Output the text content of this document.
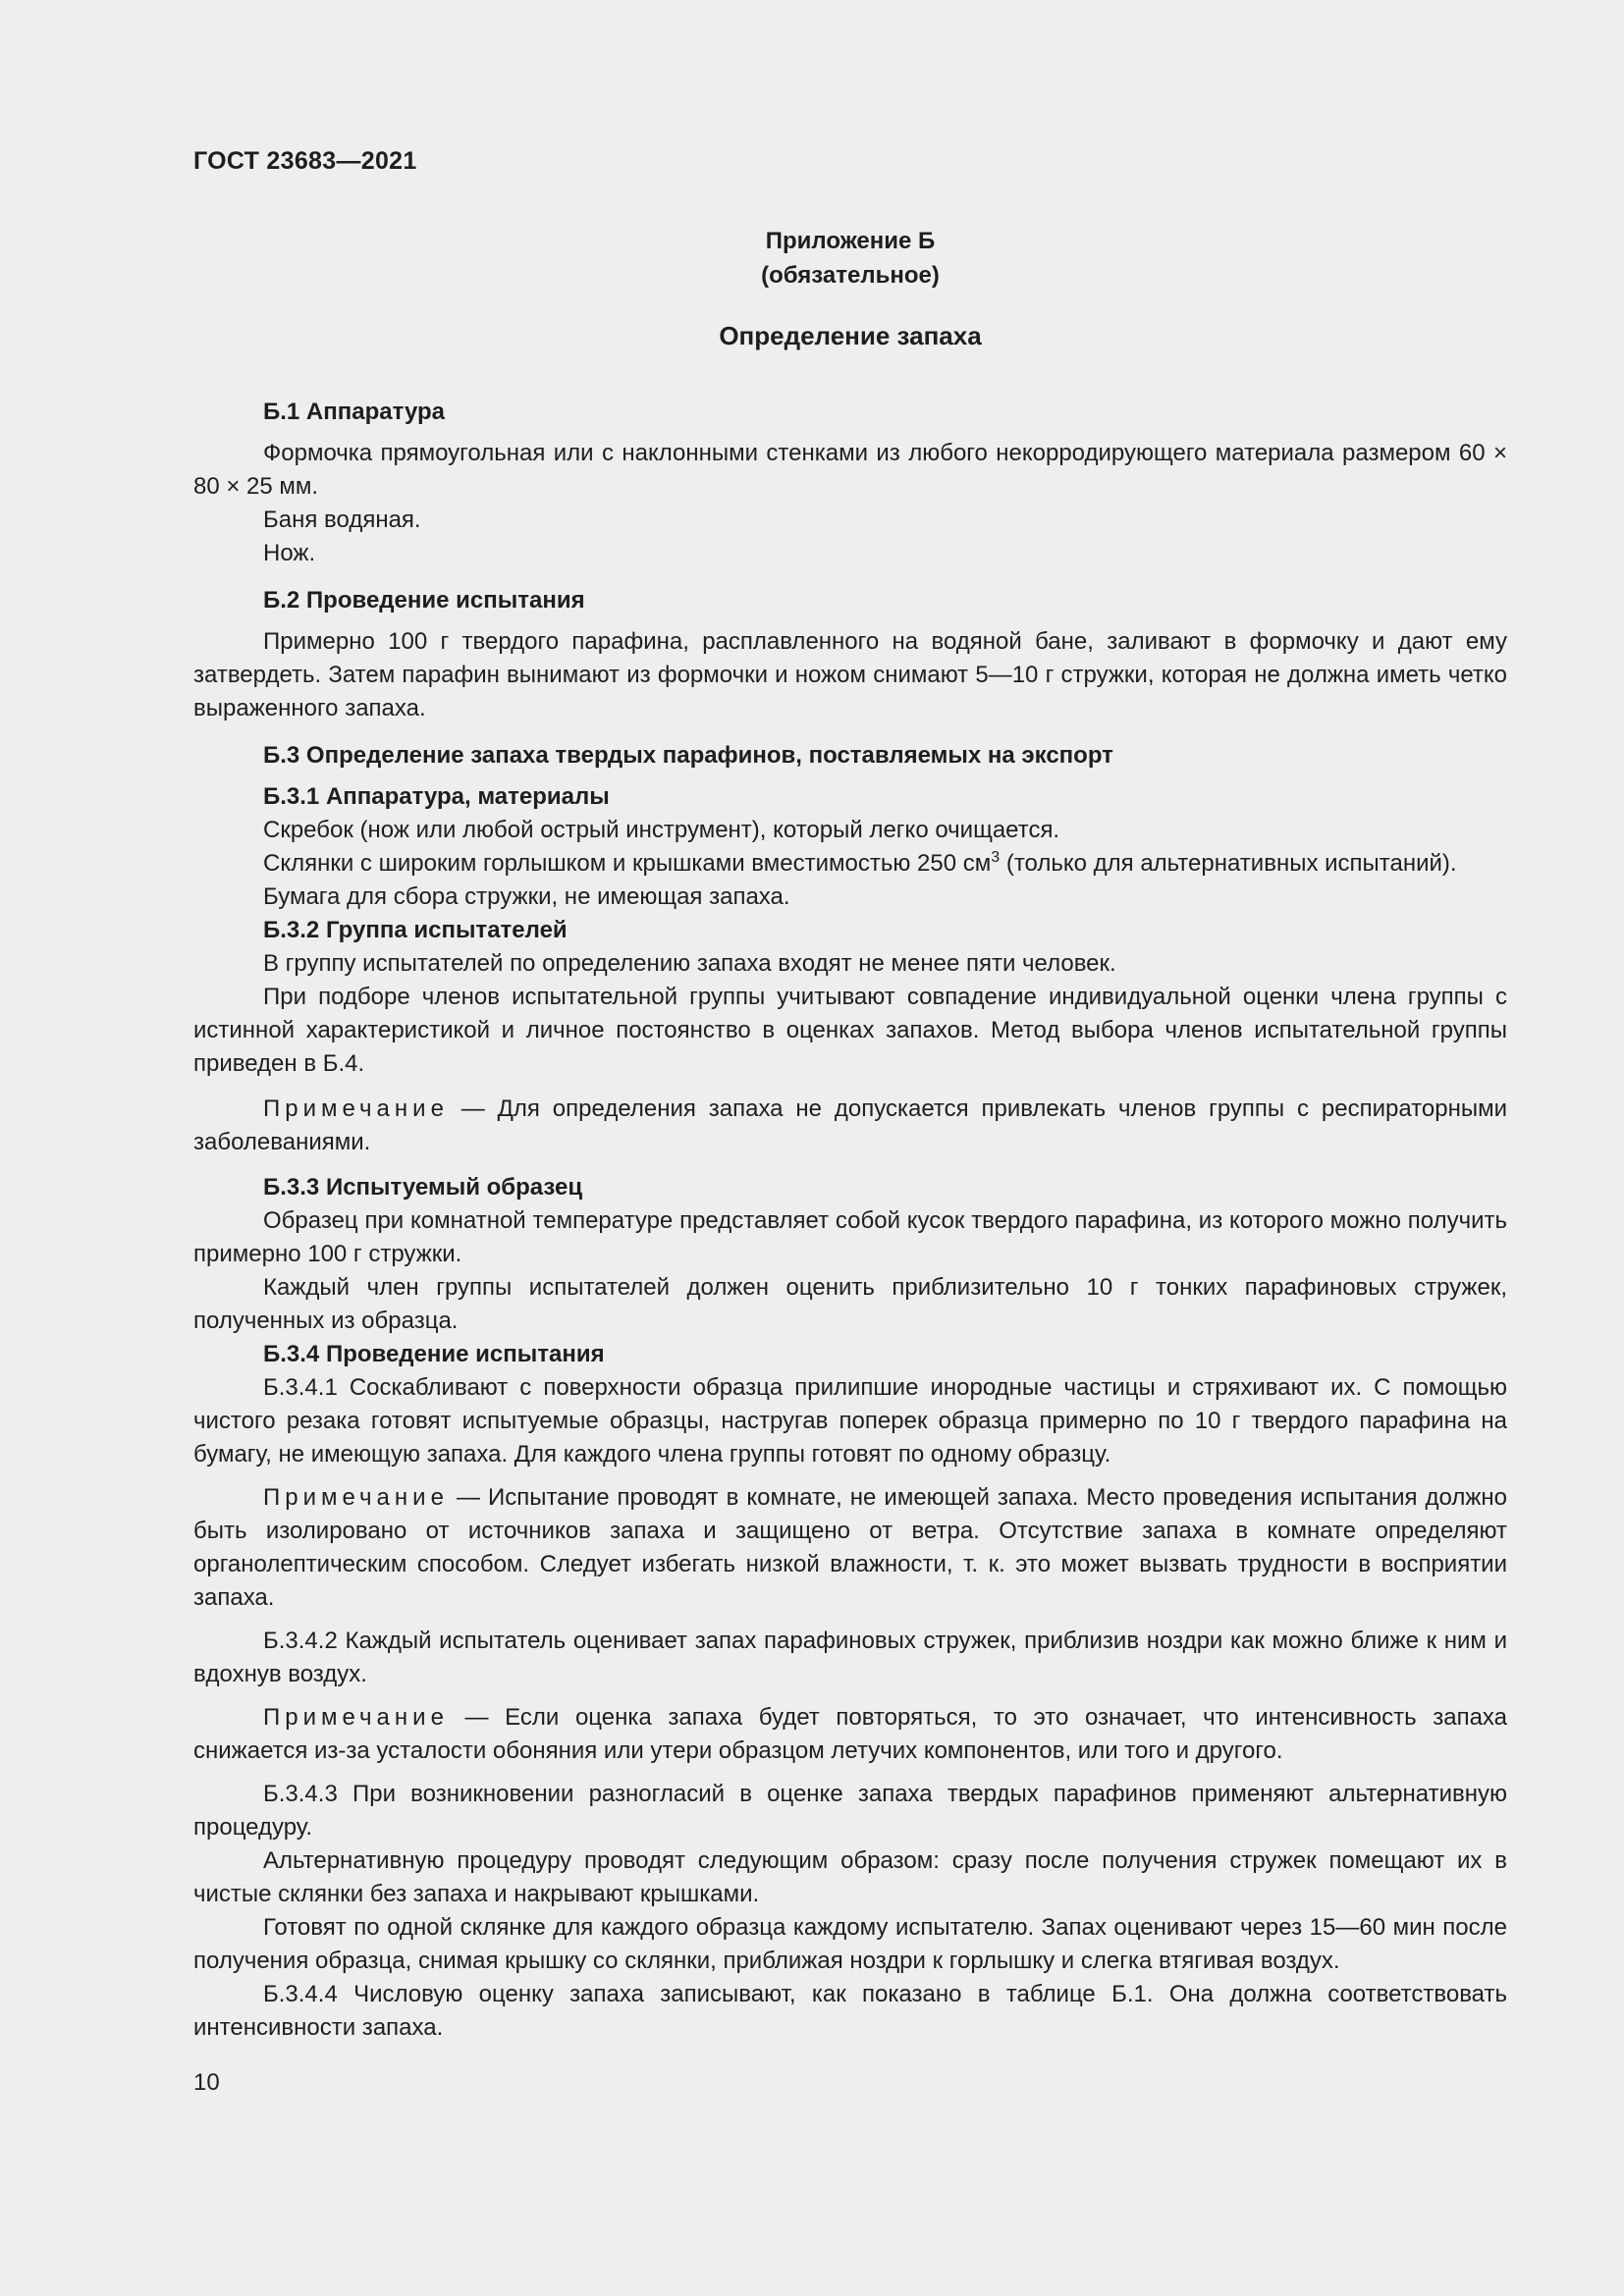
ГОСТ 23683—2021
Приложение Б
(обязательное)
Определение запаха
Б.1 Аппаратура
Формочка прямоугольная или с наклонными стенками из любого некорродирующего материала размером 60 × 80 × 25 мм.
Баня водяная.
Нож.
Б.2 Проведение испытания
Примерно 100 г твердого парафина, расплавленного на водяной бане, заливают в формочку и дают ему затвердеть. Затем парафин вынимают из формочки и ножом снимают 5—10 г стружки, которая не должна иметь четко выраженного запаха.
Б.3 Определение запаха твердых парафинов, поставляемых на экспорт
Б.3.1 Аппаратура, материалы
Скребок (нож или любой острый инструмент), который легко очищается.
Склянки с широким горлышком и крышками вместимостью 250 $см^3$ (только для альтернативных испытаний).
Бумага для сбора стружки, не имеющая запаха.
Б.3.2 Группа испытателей
В группу испытателей по определению запаха входят не менее пяти человек.
При подборе членов испытательной группы учитывают совпадение индивидуальной оценки члена группы с истинной характеристикой и личное постоянство в оценках запахов. Метод выбора членов испытательной группы приведен в Б.4.
Примечание — Для определения запаха не допускается привлекать членов группы с респираторными заболеваниями.
Б.3.3 Испытуемый образец
Образец при комнатной температуре представляет собой кусок твердого парафина, из которого можно получить примерно 100 г стружки.
Каждый член группы испытателей должен оценить приблизительно 10 г тонких парафиновых стружек, полученных из образца.
Б.3.4 Проведение испытания
Б.3.4.1 Соскабливают с поверхности образца прилипшие инородные частицы и стряхивают их. С помощью чистого резака готовят испытуемые образцы, настругав поперек образца примерно по 10 г твердого парафина на бумагу, не имеющую запаха. Для каждого члена группы готовят по одному образцу.
Примечание — Испытание проводят в комнате, не имеющей запаха. Место проведения испытания должно быть изолировано от источников запаха и защищено от ветра. Отсутствие запаха в комнате определяют органолептическим способом. Следует избегать низкой влажности, т. к. это может вызвать трудности в восприятии запаха.
Б.3.4.2 Каждый испытатель оценивает запах парафиновых стружек, приблизив ноздри как можно ближе к ним и вдохнув воздух.
Примечание — Если оценка запаха будет повторяться, то это означает, что интенсивность запаха снижается из-за усталости обоняния или утери образцом летучих компонентов, или того и другого.
Б.3.4.3 При возникновении разногласий в оценке запаха твердых парафинов применяют альтернативную процедуру.
Альтернативную процедуру проводят следующим образом: сразу после получения стружек помещают их в чистые склянки без запаха и накрывают крышками.
Готовят по одной склянке для каждого образца каждому испытателю. Запах оценивают через 15—60 мин после получения образца, снимая крышку со склянки, приближая ноздри к горлышку и слегка втягивая воздух.
Б.3.4.4 Числовую оценку запаха записывают, как показано в таблице Б.1. Она должна соответствовать интенсивности запаха.
10
